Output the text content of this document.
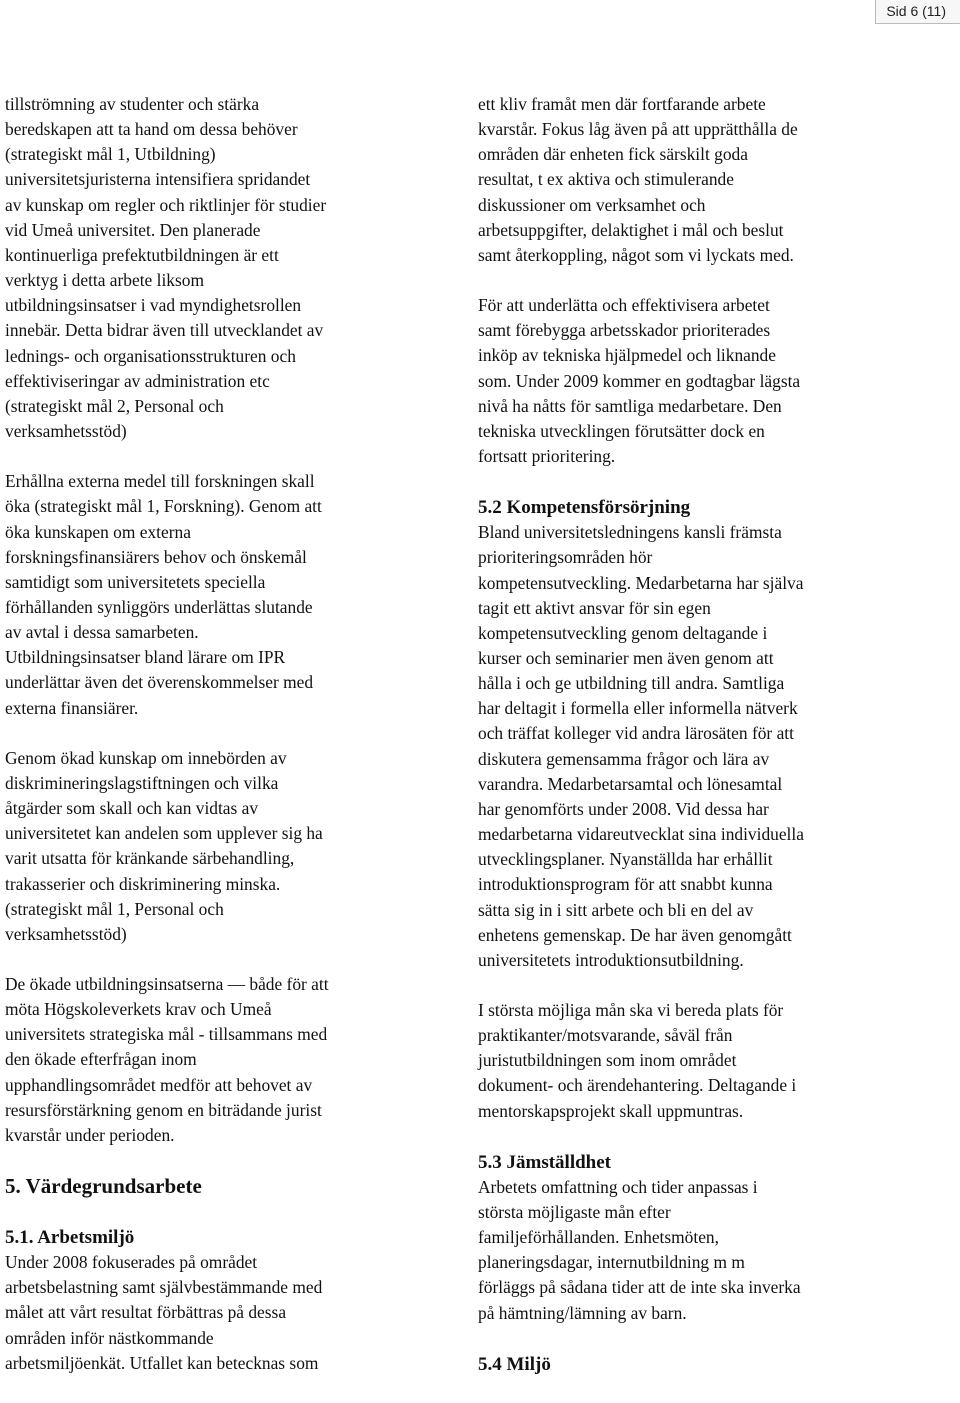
Sid 6 (11)

tillströmning av studenter och stärka
beredskapen att ta hand om dessa behöver
(strategiskt mål 1, Utbildning)
universitetsjuristerna intensifiera spridandet
av kunskap om regler och riktlinjer för studier
vid Umeå universitet. Den planerade
kontinuerliga prefektutbildningen är ett
verktyg i detta arbete liksom
utbildningsinsatser i vad myndighetsrollen
innebär. Detta bidrar även till utvecklandet av
lednings- och organisationsstrukturen och
effektiviseringar av administration etc
(strategiskt mål 2, Personal och
verksamhetsstöd)

Erhållna externa medel till forskningen skall
öka (strategiskt mål 1, Forskning). Genom att
öka kunskapen om externa
forskningsfinansiärers behov och önskemål
samtidigt som universitetets speciella
förhållanden synliggörs underlättas slutande
av avtal i dessa samarbeten.
Utbildningsinsatser bland lärare om IPR
underlättar även det överenskommelser med
externa finansiärer.

Genom ökad kunskap om innebörden av
diskrimineringslagstiftningen och vilka
åtgärder som skall och kan vidtas av
universitetet kan andelen som upplever sig ha
varit utsatta för kränkande särbehandling,
trakasserier och diskriminering minska.
(strategiskt mål 1, Personal och
verksamhetsstöd)

De ökade utbildningsinsatserna — både för att
möta Högskoleverkets krav och Umeå
universitets strategiska mål - tillsammans med
den ökade efterfrågan inom
upphandlingsområdet medför att behovet av
resursförstärkning genom en biträdande jurist
kvarstår under perioden.

5. Värdegrundsarbete
5.1. Arbetsmiljö

Under 2008 fokuserades på området
arbetsbelastning samt självbestämmande med
målet att vårt resultat förbättras på dessa
områden inför nästkommande
arbetsmiljöenkät. Utfallet kan betecknas som

ett kliv framåt men där fortfarande arbete
kvarstår. Fokus låg även på att upprätthålla de
områden där enheten fick särskilt goda
resultat, t ex aktiva och stimulerande
diskussioner om verksamhet och
arbetsuppgifter, delaktighet i mål och beslut
samt återkoppling, något som vi lyckats med.

För att underlätta och effektivisera arbetet
samt förebygga arbetsskador prioriterades
inköp av tekniska hjälpmedel och liknande
som. Under 2009 kommer en godtagbar lägsta
nivå ha nåtts för samtliga medarbetare. Den
tekniska utvecklingen förutsätter dock en
fortsatt prioritering.

5.2 Kompetensförsörjning

Bland universitetsledningens kansli främsta
prioriteringsområden hör
kompetensutveckling. Medarbetarna har själva
tagit ett aktivt ansvar för sin egen
kompetensutveckling genom deltagande i
kurser och seminarier men även genom att
hålla i och ge utbildning till andra. Samtliga
har deltagit i formella eller informella nätverk
och träffat kolleger vid andra lärosäten för att
diskutera gemensamma frågor och lära av
varandra. Medarbetarsamtal och lönesamtal
har genomförts under 2008. Vid dessa har
medarbetarna vidareutvecklat sina individuella
utvecklingsplaner. Nyanställda har erhållit
introduktionsprogram för att snabbt kunna
sätta sig in i sitt arbete och bli en del av
enhetens gemenskap. De har även genomgått
universitetets introduktionsutbildning.

I största möjliga mån ska vi bereda plats för
praktikanter/motsvarande, såväl från
juristutbildningen som inom området
dokument- och ärendehantering. Deltagande i
mentorskapsprojekt skall uppmuntras.

5.3 Jämställdhet

Arbetets omfattning och tider anpassas i
största möjligaste mån efter
familjeförhållanden. Enhetsmöten,
planeringsdagar, internutbildning m m
förläggs på sådana tider att de inte ska inverka
på hämtning/lämning av barn.

5.4 Miljö
